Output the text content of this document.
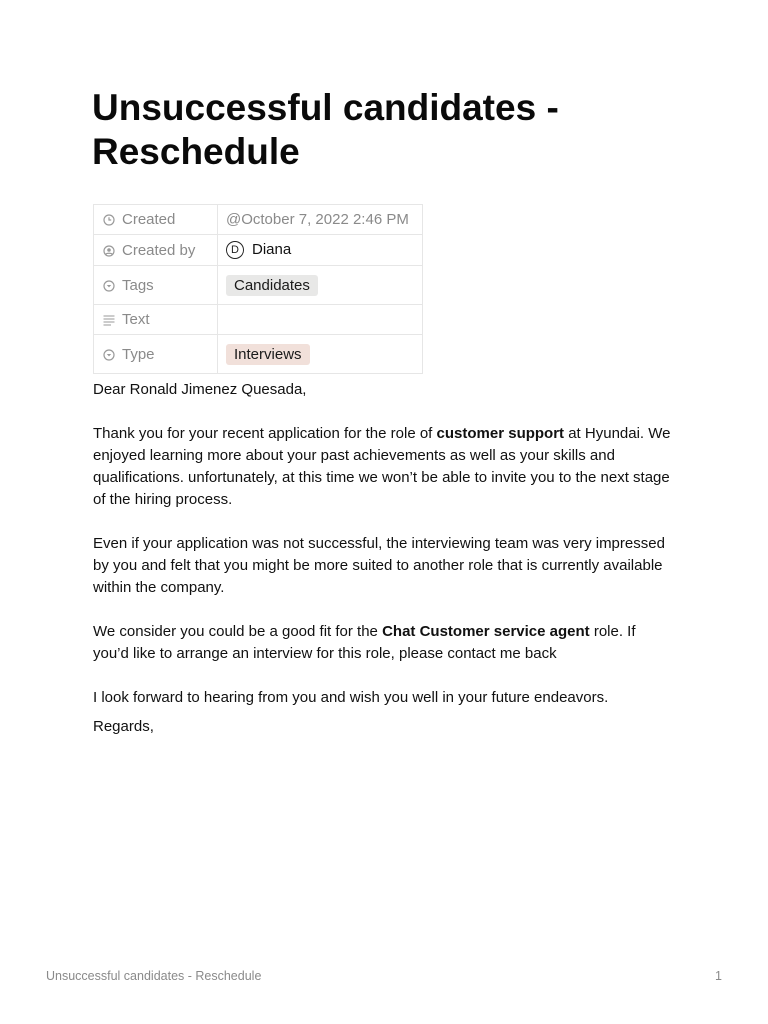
Unsuccessful candidates - Reschedule
Created	@October 7, 2022 2:46 PM

Created by	D Diana

Tags	Candidates

Text	

Type	Interviews

Dear Ronald Jimenez Quesada,

Thank you for your recent application for the role of customer support at Hyundai. We enjoyed learning more about your past achievements as well as your skills and qualifications. unfortunately, at this time we won’t be able to invite you to the next stage of the hiring process.

Even if your application was not successful, the interviewing team was very impressed by you and felt that you might be more suited to another role that is currently available within the company.

We consider you could be a good fit for the Chat Customer service agent role. If you’d like to arrange an interview for this role, please contact me back

I look forward to hearing from you and wish you well in your future endeavors.

Regards,

Unsuccessful candidates - Reschedule	1
